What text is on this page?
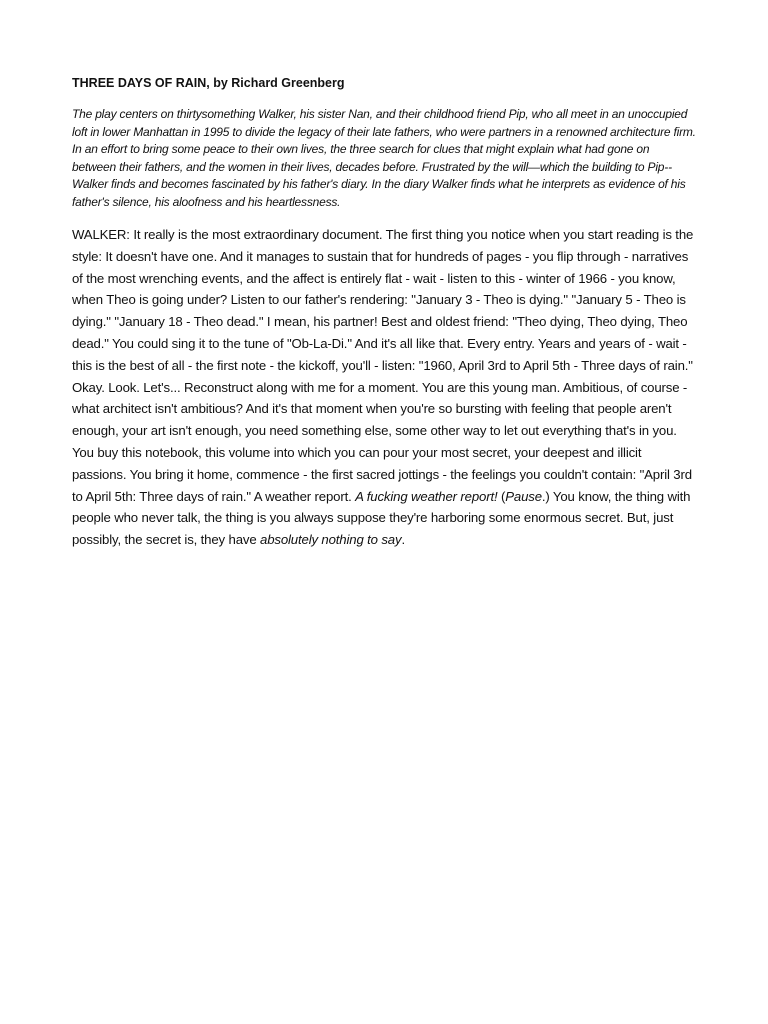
THREE DAYS OF RAIN, by Richard Greenberg

The play centers on thirtysomething Walker, his sister Nan, and their childhood friend Pip, who all meet in an unoccupied loft in lower Manhattan in 1995 to divide the legacy of their late fathers, who were partners in a renowned architecture firm. In an effort to bring some peace to their own lives, the three search for clues that might explain what had gone on between their fathers, and the women in their lives, decades before. Frustrated by the will—which the building to Pip-- Walker finds and becomes fascinated by his father's diary. In the diary Walker finds what he interprets as evidence of his father's silence, his aloofness and his heartlessness.

WALKER: It really is the most extraordinary document. The first thing you notice when you start reading is the style: It doesn't have one. And it manages to sustain that for hundreds of pages - you flip through - narratives of the most wrenching events, and the affect is entirely flat - wait - listen to this - winter of 1966 - you know, when Theo is going under? Listen to our father's rendering: "January 3 - Theo is dying." "January 5 - Theo is dying." "January 18 - Theo dead." I mean, his partner! Best and oldest friend: "Theo dying, Theo dying, Theo dead." You could sing it to the tune of "Ob-La-Di." And it's all like that. Every entry. Years and years of - wait - this is the best of all - the first note - the kickoff, you'll - listen: "1960, April 3rd to April 5th - Three days of rain." Okay. Look. Let's... Reconstruct along with me for a moment. You are this young man. Ambitious, of course - what architect isn't ambitious? And it's that moment when you're so bursting with feeling that people aren't enough, your art isn't enough, you need something else, some other way to let out everything that's in you. You buy this notebook, this volume into which you can pour your most secret, your deepest and illicit passions. You bring it home, commence - the first sacred jottings - the feelings you couldn't contain: "April 3rd to April 5th: Three days of rain." A weather report. A fucking weather report! (Pause.) You know, the thing with people who never talk, the thing is you always suppose they're harboring some enormous secret. But, just possibly, the secret is, they have absolutely nothing to say.
